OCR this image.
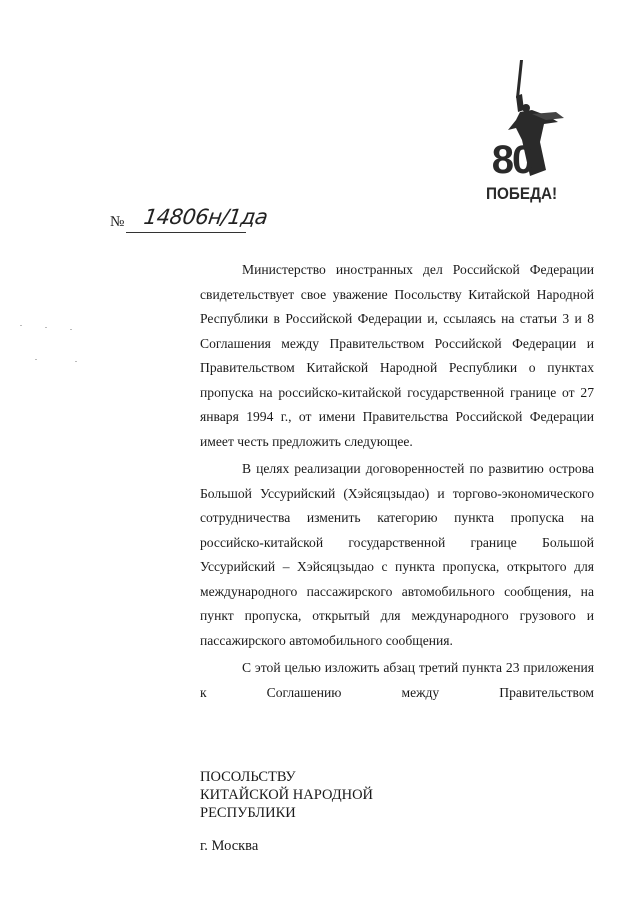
80
ПОБЕДА!
№ 14806н/1да

Министерство иностранных дел Российской Федерации свидетельствует свое уважение Посольству Китайской Народной Республики в Российской Федерации и, ссылаясь на статьи 3 и 8 Соглашения между Правительством Российской Федерации и Правительством Китайской Народной Республики о пунктах пропуска на российско-китайской государственной границе от 27 января 1994 г., от имени Правительства Российской Федерации имеет честь предложить следующее.

В целях реализации договоренностей по развитию острова Большой Уссурийский (Хэйсяцзыдао) и торгово-экономического сотрудничества изменить категорию пункта пропуска на российско-китайской государственной границе Большой Уссурийский – Хэйсяцзыдао с пункта пропуска, открытого для международного пассажирского автомобильного сообщения, на пункт пропуска, открытый для международного грузового и пассажирского автомобильного сообщения.

С этой целью изложить абзац третий пункта 23 приложения к Соглашению между Правительством

ПОСОЛЬСТВУ
КИТАЙСКОЙ НАРОДНОЙ
РЕСПУБЛИКИ
г. Москва
